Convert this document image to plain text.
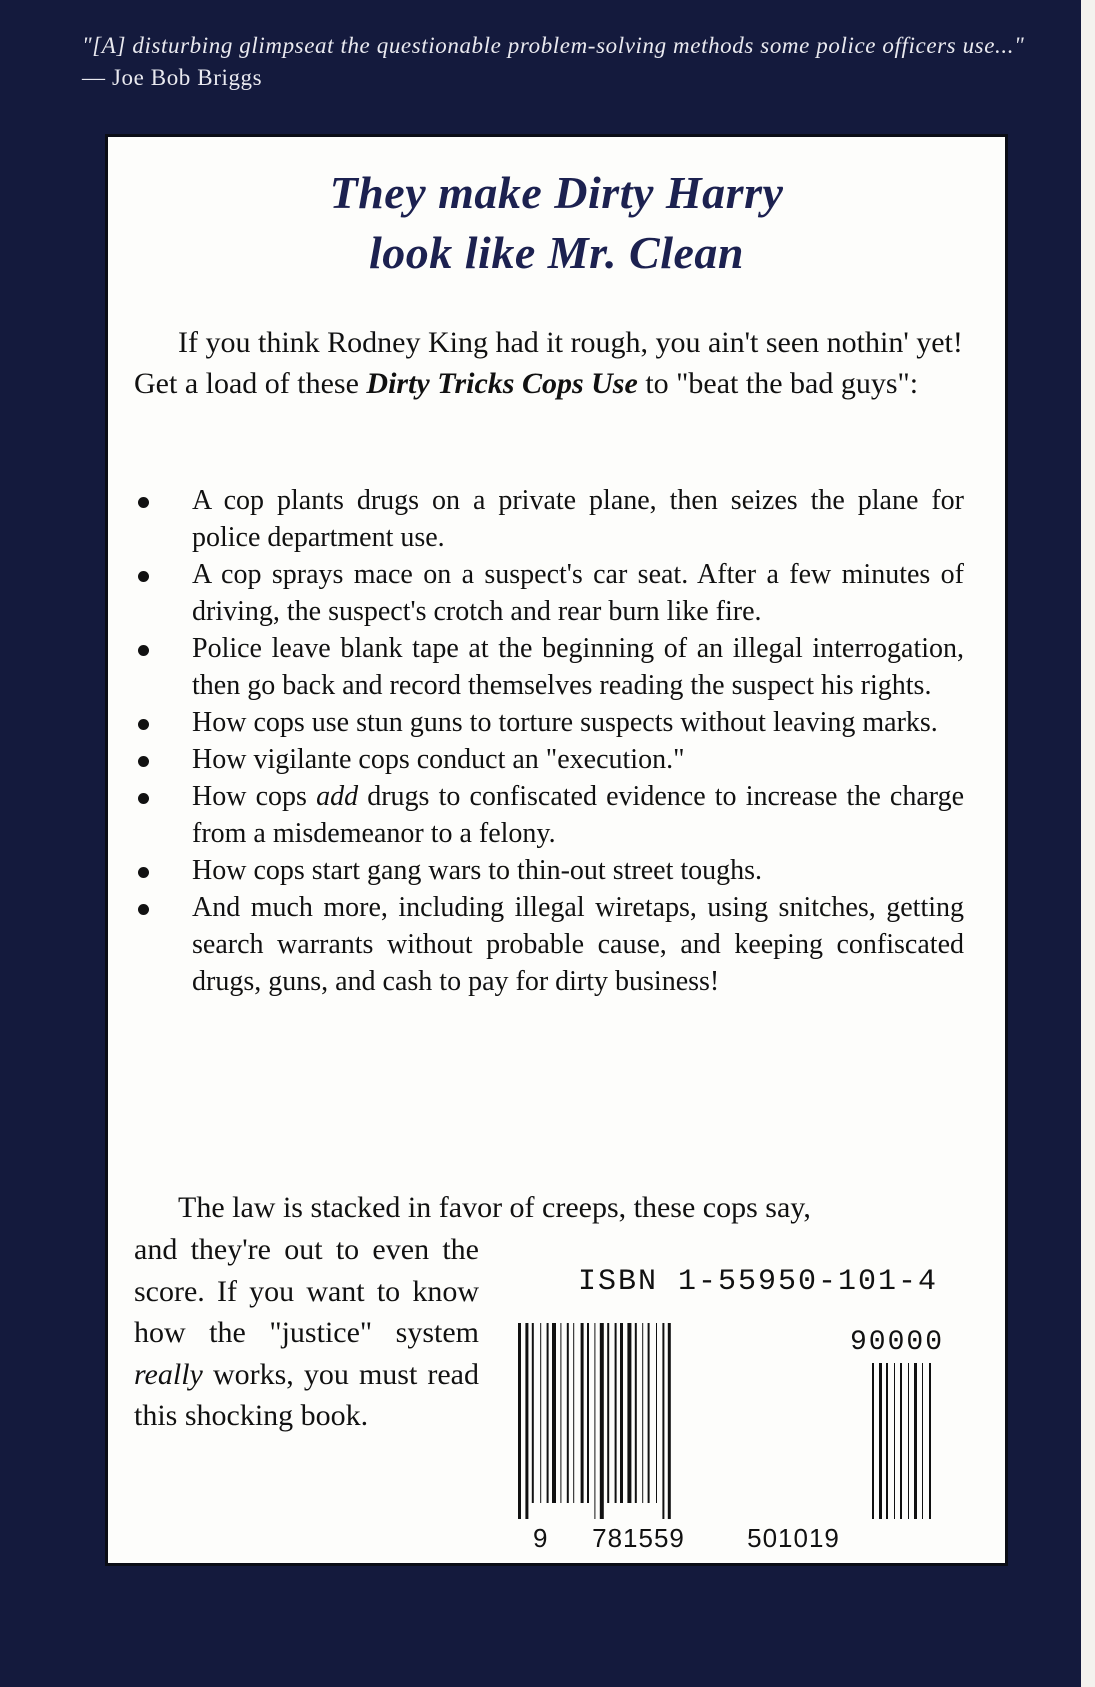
"[A] disturbing glimpseat the questionable problem-solving methods some police officers use..." — Joe Bob Briggs
They make Dirty Harry
look like Mr. Clean

If you think Rodney King had it rough, you ain't seen nothin' yet! Get a load of these Dirty Tricks Cops Use to "beat the bad guys":

A cop plants drugs on a private plane, then seizes the plane for police department use.
A cop sprays mace on a suspect's car seat. After a few minutes of driving, the suspect's crotch and rear burn like fire.
Police leave blank tape at the beginning of an illegal interrogation, then go back and record themselves reading the suspect his rights.
How cops use stun guns to torture suspects without leaving marks.
How vigilante cops conduct an "execution."
How cops add drugs to confiscated evidence to increase the charge from a misdemeanor to a felony.
How cops start gang wars to thin-out street toughs.
And much more, including illegal wiretaps, using snitches, getting search warrants without probable cause, and keeping confiscated drugs, guns, and cash to pay for dirty business!
The law is stacked in favor of creeps, these cops say,
and they're out to even the score. If you want to know how the "justice" system really works, you must read this shocking book.
ISBN 1-55950-101-4
90000
9 781559 501019
